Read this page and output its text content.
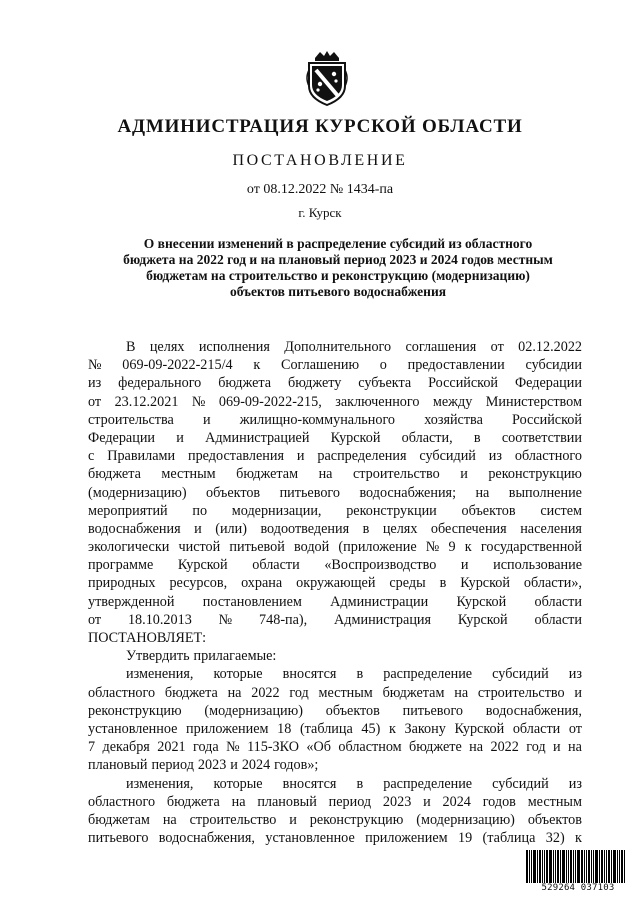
АДМИНИСТРАЦИЯ КУРСКОЙ ОБЛАСТИ
ПОСТАНОВЛЕНИЕ
от 08.12.2022 № 1434-па
г. Курск
О внесении изменений в распределение субсидий из областного
бюджета на 2022 год и на плановый период 2023 и 2024 годов местным
бюджетам на строительство и реконструкцию (модернизацию)
объектов питьевого водоснабжения
В целях исполнения Дополнительного соглашения от 02.12.2022
№ 069-09-2022-215/4 к Соглашению о предоставлении субсидии
из федерального бюджета бюджету субъекта Российской Федерации
от 23.12.2021 № 069-09-2022-215, заключенного между Министерством
строительства и жилищно-коммунального хозяйства Российской
Федерации и Администрацией Курской области, в соответствии
с Правилами предоставления и распределения субсидий из областного
бюджета местным бюджетам на строительство и реконструкцию
(модернизацию) объектов питьевого водоснабжения; на выполнение
мероприятий по модернизации, реконструкции объектов систем
водоснабжения и (или) водоотведения в целях обеспечения населения
экологически чистой питьевой водой (приложение № 9 к государственной
программе Курской области «Воспроизводство и использование
природных ресурсов, охрана окружающей среды в Курской области»,
утвержденной постановлением Администрации Курской области
от 18.10.2013 № 748-па), Администрация Курской области
ПОСТАНОВЛЯЕТ:
Утвердить прилагаемые:
изменения, которые вносятся в распределение субсидий из
областного бюджета на 2022 год местным бюджетам на строительство и
реконструкцию (модернизацию) объектов питьевого водоснабжения,
установленное приложением 18 (таблица 45) к Закону Курской области от
7 декабря 2021 года № 115-ЗКО «Об областном бюджете на 2022 год и на
плановый период 2023 и 2024 годов»;
изменения, которые вносятся в распределение субсидий из
областного бюджета на плановый период 2023 и 2024 годов местным
бюджетам на строительство и реконструкцию (модернизацию) объектов
питьевого водоснабжения, установленное приложением 19 (таблица 32) к
529264 037103
